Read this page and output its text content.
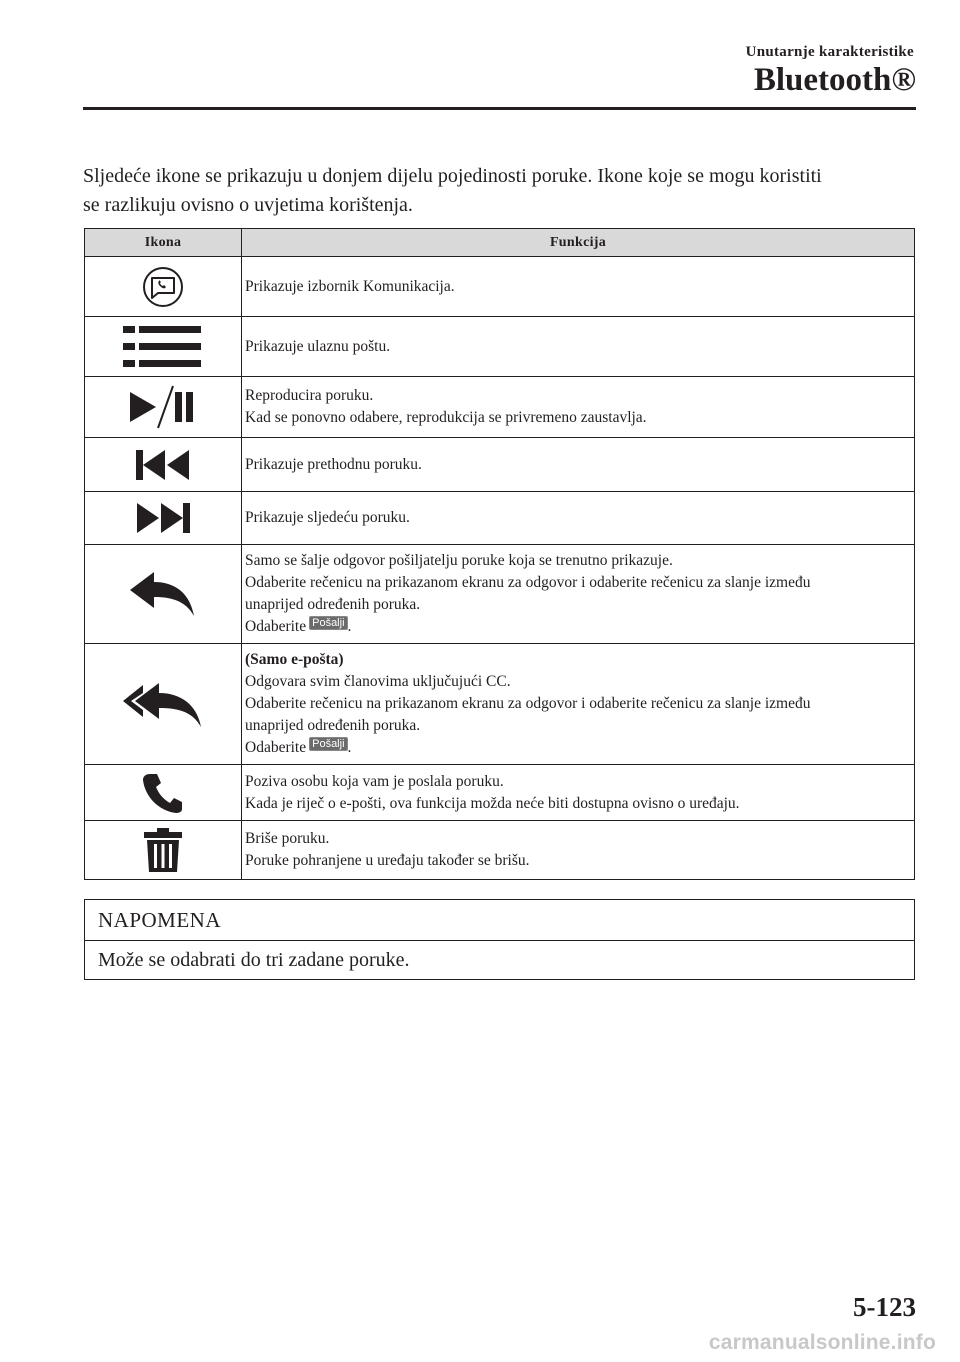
Unutarnje karakteristike
Bluetooth®
Sljedeće ikone se prikazuju u donjem dijelu pojedinosti poruke. Ikone koje se mogu koristiti
se razlikuju ovisno o uvjetima korištenja.
Ikona	Funkcija

Prikazuje izbornik Komunikacija.

Prikazuje ulaznu poštu.

Reproducira poruku.
Kad se ponovno odabere, reprodukcija se privremeno zaustavlja.

Prikazuje prethodnu poruku.

Prikazuje sljedeću poruku.

Samo se šalje odgovor pošiljatelju poruke koja se trenutno prikazuje.
Odaberite rečenicu na prikazanom ekranu za odgovor i odaberite rečenicu za slanje između
unaprijed određenih poruka.
Odaberite Pošalji .

(Samo e-pošta)
Odgovara svim članovima uključujući CC.
Odaberite rečenicu na prikazanom ekranu za odgovor i odaberite rečenicu za slanje između
unaprijed određenih poruka.
Odaberite Pošalji .

Poziva osobu koja vam je poslala poruku.
Kada je riječ o e-pošti, ova funkcija možda neće biti dostupna ovisno o uređaju.

Briše poruku.
Poruke pohranjene u uređaju također se brišu.
NAPOMENA
Može se odabrati do tri zadane poruke.
5-123
carmanualsonline.info
